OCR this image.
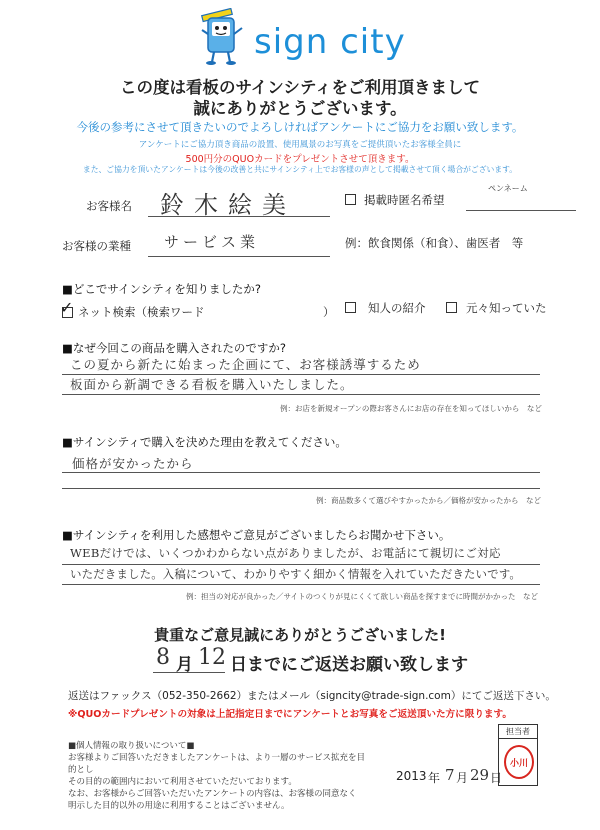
sign city
この度は看板のサインシティをご利用頂きまして
誠にありがとうございます。
今後の参考にさせて頂きたいのでよろしければアンケートにご協力をお願い致します。
アンケートにご協力頂き商品の設置、使用風景のお写真をご提供頂いたお客様全員に
500円分のQUOカードをプレゼントさせて頂きます。
また、ご協力を頂いたアンケートは今後の改善と共にサインシティ上でお客様の声として掲載させて頂く場合がございます。
お客様名 鈴木絵美	掲載時匿名希望
ペンネーム
お客様の業種 サービス業	例：飲食関係（和食）、歯医者　等
■どこでサインシティを知りましたか?
✓ ネット検索（検索ワード	）	知人の紹介	元々知っていた
■なぜ今回この商品を購入されたのですか?
この夏から新たに始まった企画にて、お客様誘導するため
板面から新調できる看板を購入いたしました。
例：お店を新規オープンの際お客さんにお店の存在を知ってほしいから　など
■サインシティで購入を決めた理由を教えてください。
価格が安かったから
例：商品数多くて選びやすかったから／価格が安かったから　など
■サインシティを利用した感想やご意見がございましたらお聞かせ下さい。
WEBだけでは、いくつかわからない点がありましたが、お電話にて親切にご対応
いただきました。入稿について、わかりやすく細かく情報を入れていただきたいです。
例：担当の対応が良かった／サイトのつくりが見にくくて欲しい商品を探すまでに時間がかかった　など
貴重なご意見誠にありがとうございました!
8 月 12 日までにご返送お願い致します
返送はファックス（052-350-2662）またはメール（signcity@trade-sign.com）にてご返送下さい。
※QUOカードプレゼントの対象は上記指定日までにアンケートとお写真をご返送頂いた方に限ります。
■個人情報の取り扱いについて■
お客様よりご回答いただきましたアンケートは、より一層のサービス拡充を目的とし
その目的の範囲内において利用させていただいております。
なお、お客様からご回答いただいたアンケートの内容は、お客様の同意なく
明示した目的以外の用途に利用することはございません。
担当者
小川
2013 年 7 月 29 日
